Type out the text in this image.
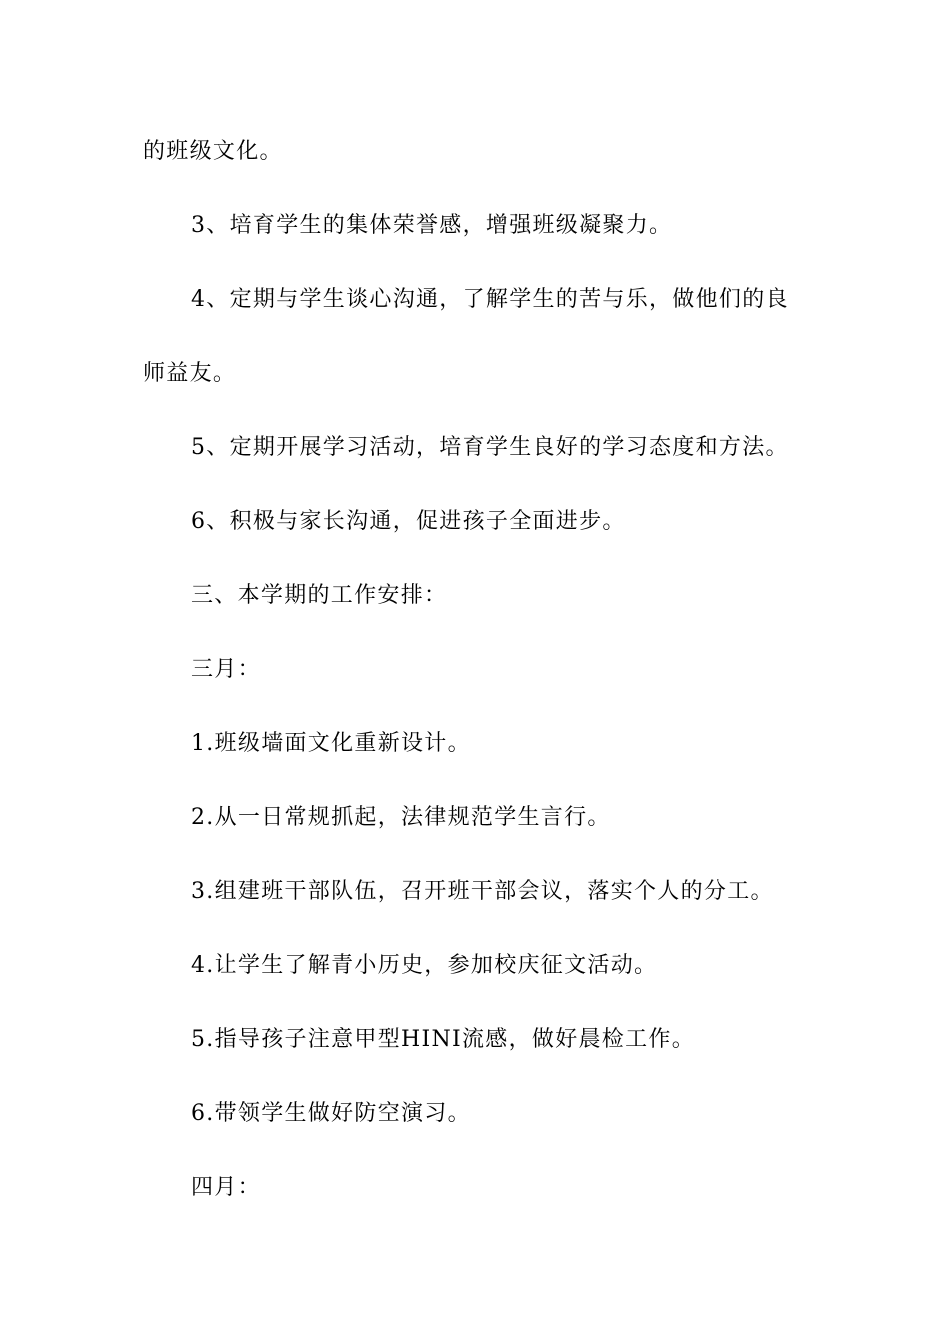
的班级文化。
3、培育学生的集体荣誉感，增强班级凝聚力。
4、定期与学生谈心沟通，了解学生的苦与乐，做他们的良
师益友。
5、定期开展学习活动，培育学生良好的学习态度和方法。
6、积极与家长沟通，促进孩子全面进步。
三、本学期的工作安排：
三月：
1.班级墙面文化重新设计。
2.从一日常规抓起，法律规范学生言行。
3.组建班干部队伍，召开班干部会议，落实个人的分工。
4.让学生了解青小历史，参加校庆征文活动。
5.指导孩子注意甲型HINI流感，做好晨检工作。
6.带领学生做好防空演习。
四月：
